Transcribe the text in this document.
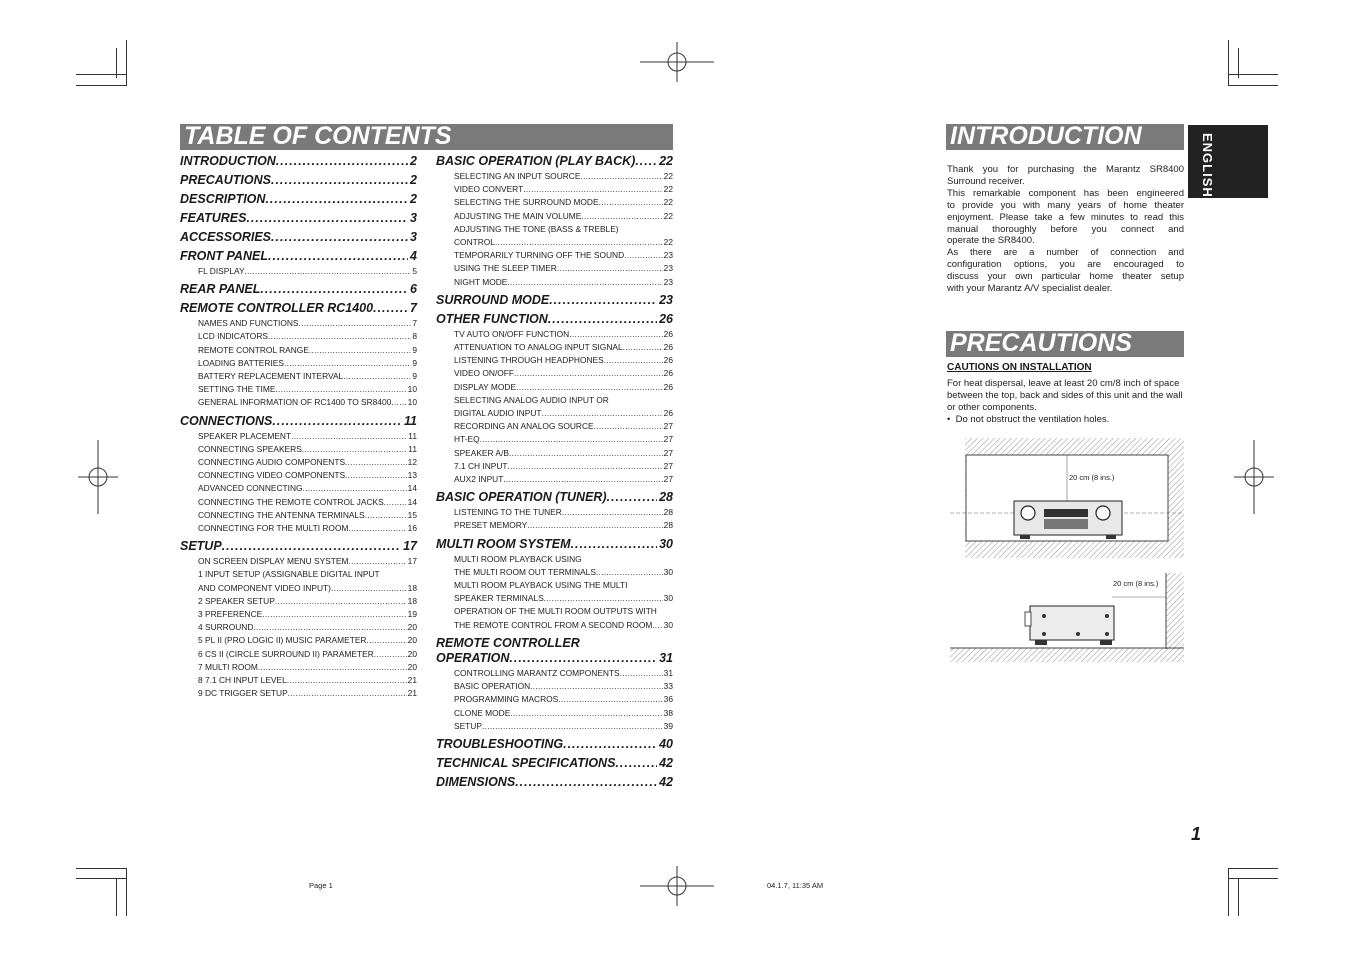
TABLE OF CONTENTS
INTRODUCTION .....	2
PRECAUTIONS .....	2
DESCRIPTION .....	2
FEATURES .....	3
ACCESSORIES .....	3
FRONT PANEL .....	4
FL DISPLAY .....	5
REAR PANEL .....	6
REMOTE CONTROLLER RC1400 .....	7
NAMES AND FUNCTIONS .....	7
LCD INDICATORS .....	8
REMOTE CONTROL RANGE .....	9
LOADING BATTERIES .....	9
BATTERY REPLACEMENT INTERVAL .....	9
SETTING THE TIME .....	10
GENERAL INFORMATION OF RC1400 TO SR8400 ..... 10
CONNECTIONS .....	11
SPEAKER PLACEMENT .....	11
CONNECTING SPEAKERS .....	11
CONNECTING AUDIO COMPONENTS .....	12
CONNECTING VIDEO COMPONENTS .....	13
ADVANCED CONNECTING .....	14
CONNECTING THE REMOTE CONTROL JACKS .....	14
CONNECTING THE ANTENNA TERMINALS .....	15
CONNECTING FOR THE MULTI ROOM .....	16
SETUP .....	17
ON SCREEN DISPLAY MENU SYSTEM .....	17
1 INPUT SETUP (ASSIGNABLE DIGITAL INPUT
AND COMPONENT VIDEO INPUT) .....	18
2 SPEAKER SETUP .....	18
3 PREFERENCE .....	19
4 SURROUND .....	20
5 PL II (PRO LOGIC II) MUSIC PARAMETER .....	20
6 CS II (CIRCLE SURROUND II) PARAMETER .....	20
7 MULTI ROOM .....	20
8 7.1 CH INPUT LEVEL .....	21
9 DC TRIGGER SETUP .....	21
BASIC OPERATION (PLAY BACK) ..... 22
SELECTING AN INPUT SOURCE .....	22
VIDEO CONVERT .....	22
SELECTING THE SURROUND MODE .....	22
ADJUSTING THE MAIN VOLUME .....	22
ADJUSTING THE TONE (BASS & TREBLE)
CONTROL .....	22
TEMPORARILY TURNING OFF THE SOUND .....	23
USING THE SLEEP TIMER .....	23
NIGHT MODE .....	23
SURROUND MODE .....	23
OTHER FUNCTION .....	26
TV AUTO ON/OFF FUNCTION .....	26
ATTENUATION TO ANALOG INPUT SIGNAL .....	26
LISTENING THROUGH HEADPHONES .....	26
VIDEO ON/OFF .....	26
DISPLAY MODE .....	26
SELECTING ANALOG AUDIO INPUT OR
DIGITAL AUDIO INPUT .....	26
RECORDING AN ANALOG SOURCE .....	27
HT-EQ .....	27
SPEAKER A/B .....	27
7.1 CH INPUT .....	27
AUX2 INPUT .....	27
BASIC OPERATION (TUNER) .....	28
LISTENING TO THE TUNER .....	28
PRESET MEMORY .....	28
MULTI ROOM SYSTEM .....	30
MULTI ROOM PLAYBACK USING
THE MULTI ROOM OUT TERMINALS .....	30
MULTI ROOM PLAYBACK USING THE MULTI
SPEAKER TERMINALS .....	30
OPERATION OF THE MULTI ROOM OUTPUTS WITH
THE REMOTE CONTROL FROM A SECOND ROOM. ..... 30
REMOTE CONTROLLER
OPERATION .....	31
CONTROLLING MARANTZ COMPONENTS .....	31
BASIC OPERATION .....	33
PROGRAMMING MACROS .....	36
CLONE MODE .....	38
SETUP .....	39
TROUBLESHOOTING .....	40
TECHNICAL SPECIFICATIONS .....	42
DIMENSIONS .....	42
INTRODUCTION
Thank you for purchasing the Marantz SR8400
Surround receiver.
This remarkable component has been engineered
to provide you with many years of home theater
enjoyment. Please take a few minutes to read this
manual thoroughly before you connect and
operate the SR8400.
As there are a number of connection and
configuration options, you are encouraged to
discuss your own particular home theater setup
with your Marantz A/V specialist dealer.
ENGLISH
PRECAUTIONS
CAUTIONS ON INSTALLATION
For heat dispersal, leave at least 20 cm/8 inch of space between the top, back and sides of this unit and the wall or other components.
•  Do not obstruct the ventilation holes.
20 cm (8 ins.)
20 cm (8 ins.)
1
Page 1	04.1.7, 11:35 AM
